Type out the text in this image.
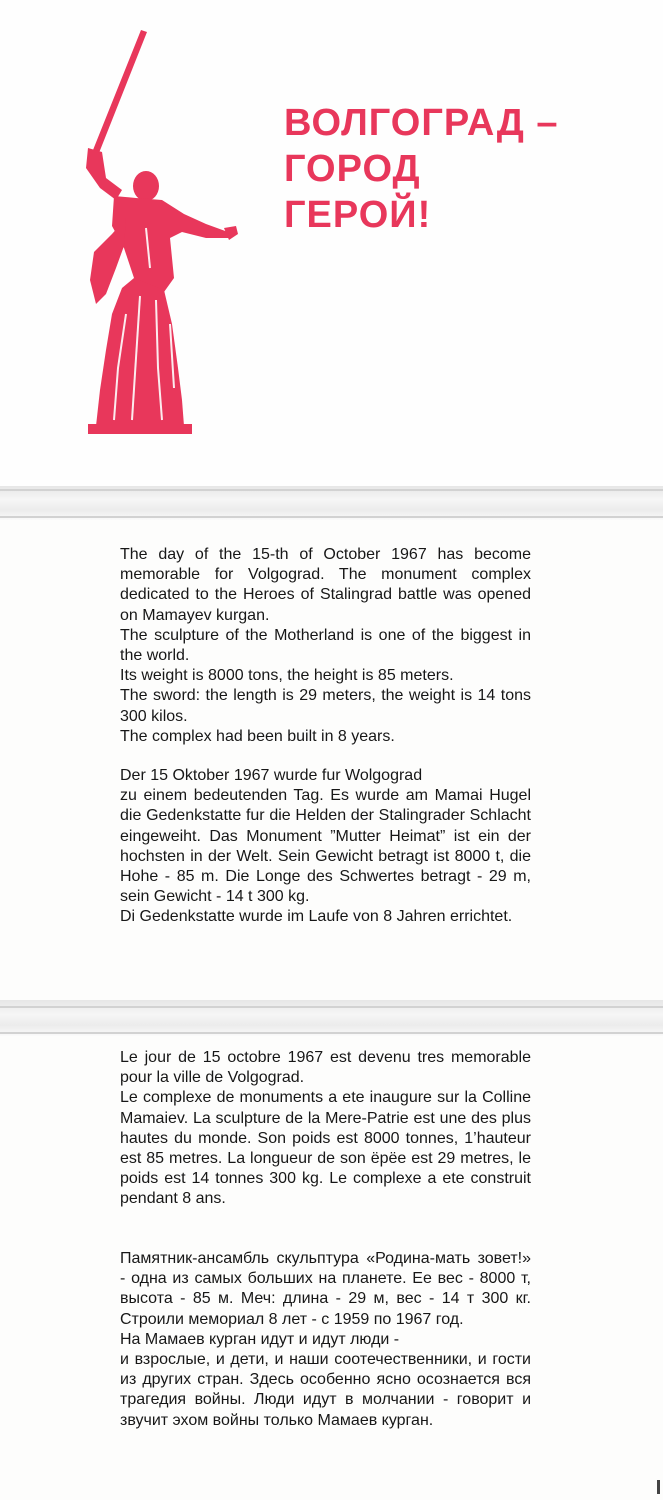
ВОЛГОГРАД –
ГОРОД
ГЕРОЙ!

The day of the 15-th of October 1967 has become memorable for Volgograd. The monument complex dedicated to the Heroes of Stalingrad battle was opened on Mamayev kurgan.

The sculpture of the Motherland is one of the biggest in the world.

Its weight is 8000 tons, the height is 85 meters.

The sword: the length is 29 meters, the weight is 14 tons 300 kilos.

The complex had been built in 8 years.

Der 15 Oktober 1967 wurde fur Wolgograd

zu einem bedeutenden Tag. Es wurde am Mamai Hugel die Gedenkstatte fur die Helden der Stalingrader Schlacht eingeweiht. Das Monument ”Mutter Heimat” ist ein der hochsten in der Welt. Sein Gewicht betragt ist 8000 t, die Hohe - 85 m. Die Longe des Schwertes betragt - 29 m, sein Gewicht - 14 t 300 kg.

Di Gedenkstatte wurde im Laufe von 8 Jahren errichtet.

Le jour de 15 octobre 1967 est devenu tres memorable pour la ville de Volgograd.

Le complexe de monuments a ete inaugure sur la Colline Mamaiev. La sculpture de la Mere-Patrie est une des plus hautes du monde. Son poids est 8000 tonnes, 1’hauteur est 85 metres. La longueur de son ëpëe est 29 metres, le poids est 14 tonnes 300 kg. Le complexe a ete construit pendant 8 ans.

Памятник-ансамбль скульптура «Родина-мать зовет!» - одна из самых больших на планете. Ее вес - 8000 т, высота - 85 м. Меч: длина - 29 м, вес - 14 т 300 кг. Строили мемориал 8 лет - с 1959 по 1967 год.

На Мамаев курган идут и идут люди -

и взрослые, и дети, и наши соотечественники, и гости из других стран. Здесь особенно ясно осознается вся трагедия войны. Люди идут в молчании - говорит и звучит эхом войны только Мамаев курган.
